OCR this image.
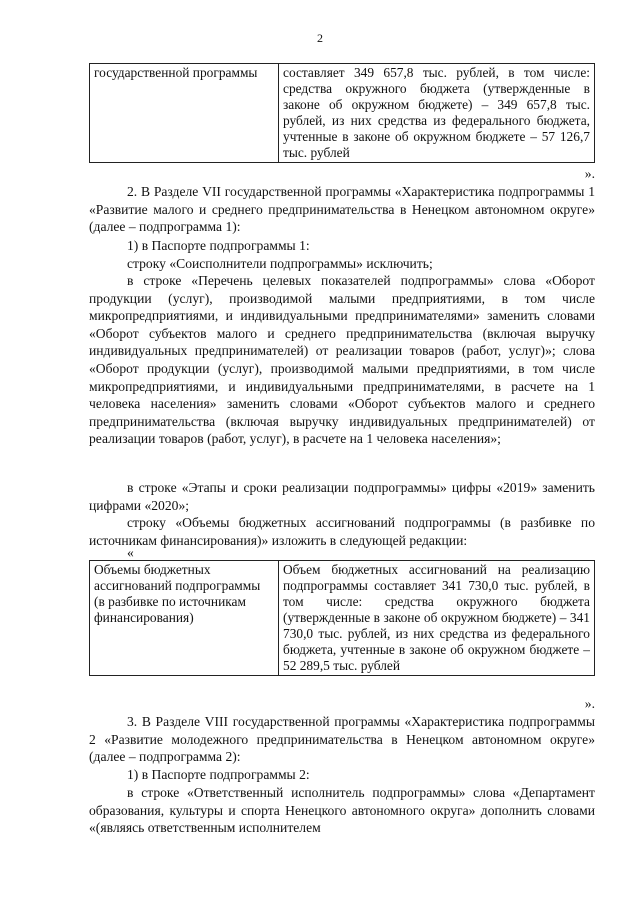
2
государственной программы	составляет 349 657,8 тыс. рублей, в том числе: средства окружного бюджета (утвержденные в законе об окружном бюджете) – 349 657,8 тыс. рублей, из них средства из федерального бюджета, учтенные в законе об окружном бюджете – 57 126,7 тыс. рублей
».

2. В Разделе VII государственной программы «Характеристика подпрограммы 1 «Развитие малого и среднего предпринимательства в Ненецком автономном округе» (далее – подпрограмма 1):

1) в Паспорте подпрограммы 1:

строку «Соисполнители подпрограммы» исключить;

в строке «Перечень целевых показателей подпрограммы» слова «Оборот продукции (услуг), производимой малыми предприятиями, в том числе микропредприятиями, и индивидуальными предпринимателями» заменить словами «Оборот субъектов малого и среднего предпринимательства (включая выручку индивидуальных предпринимателей) от реализации товаров (работ, услуг)»; слова «Оборот продукции (услуг), производимой малыми предприятиями, в том числе микропредприятиями, и индивидуальными предпринимателями, в расчете на 1 человека населения» заменить словами «Оборот субъектов малого и среднего предпринимательства (включая выручку индивидуальных предпринимателей) от реализации товаров (работ, услуг), в расчете на 1 человека населения»;

в строке «Этапы и сроки реализации подпрограммы» цифры «2019» заменить цифрами «2020»;

строку «Объемы бюджетных ассигнований подпрограммы (в разбивке по источникам финансирования)» изложить в следующей редакции:

«
Объемы бюджетных ассигнований подпрограммы (в разбивке по источникам финансирования)	Объем бюджетных ассигнований на реализацию подпрограммы составляет 341 730,0 тыс. рублей, в том числе: средства окружного бюджета (утвержденные в законе об окружном бюджете) – 341 730,0 тыс. рублей, из них средства из федерального бюджета, учтенные в законе об окружном бюджете – 52 289,5 тыс. рублей
».

3. В Разделе VIII государственной программы «Характеристика подпрограммы 2 «Развитие молодежного предпринимательства в Ненецком автономном округе» (далее – подпрограмма 2):

1) в Паспорте подпрограммы 2:

в строке «Ответственный исполнитель подпрограммы» слова «Департамент образования, культуры и спорта Ненецкого автономного округа» дополнить словами «(являясь ответственным исполнителем
